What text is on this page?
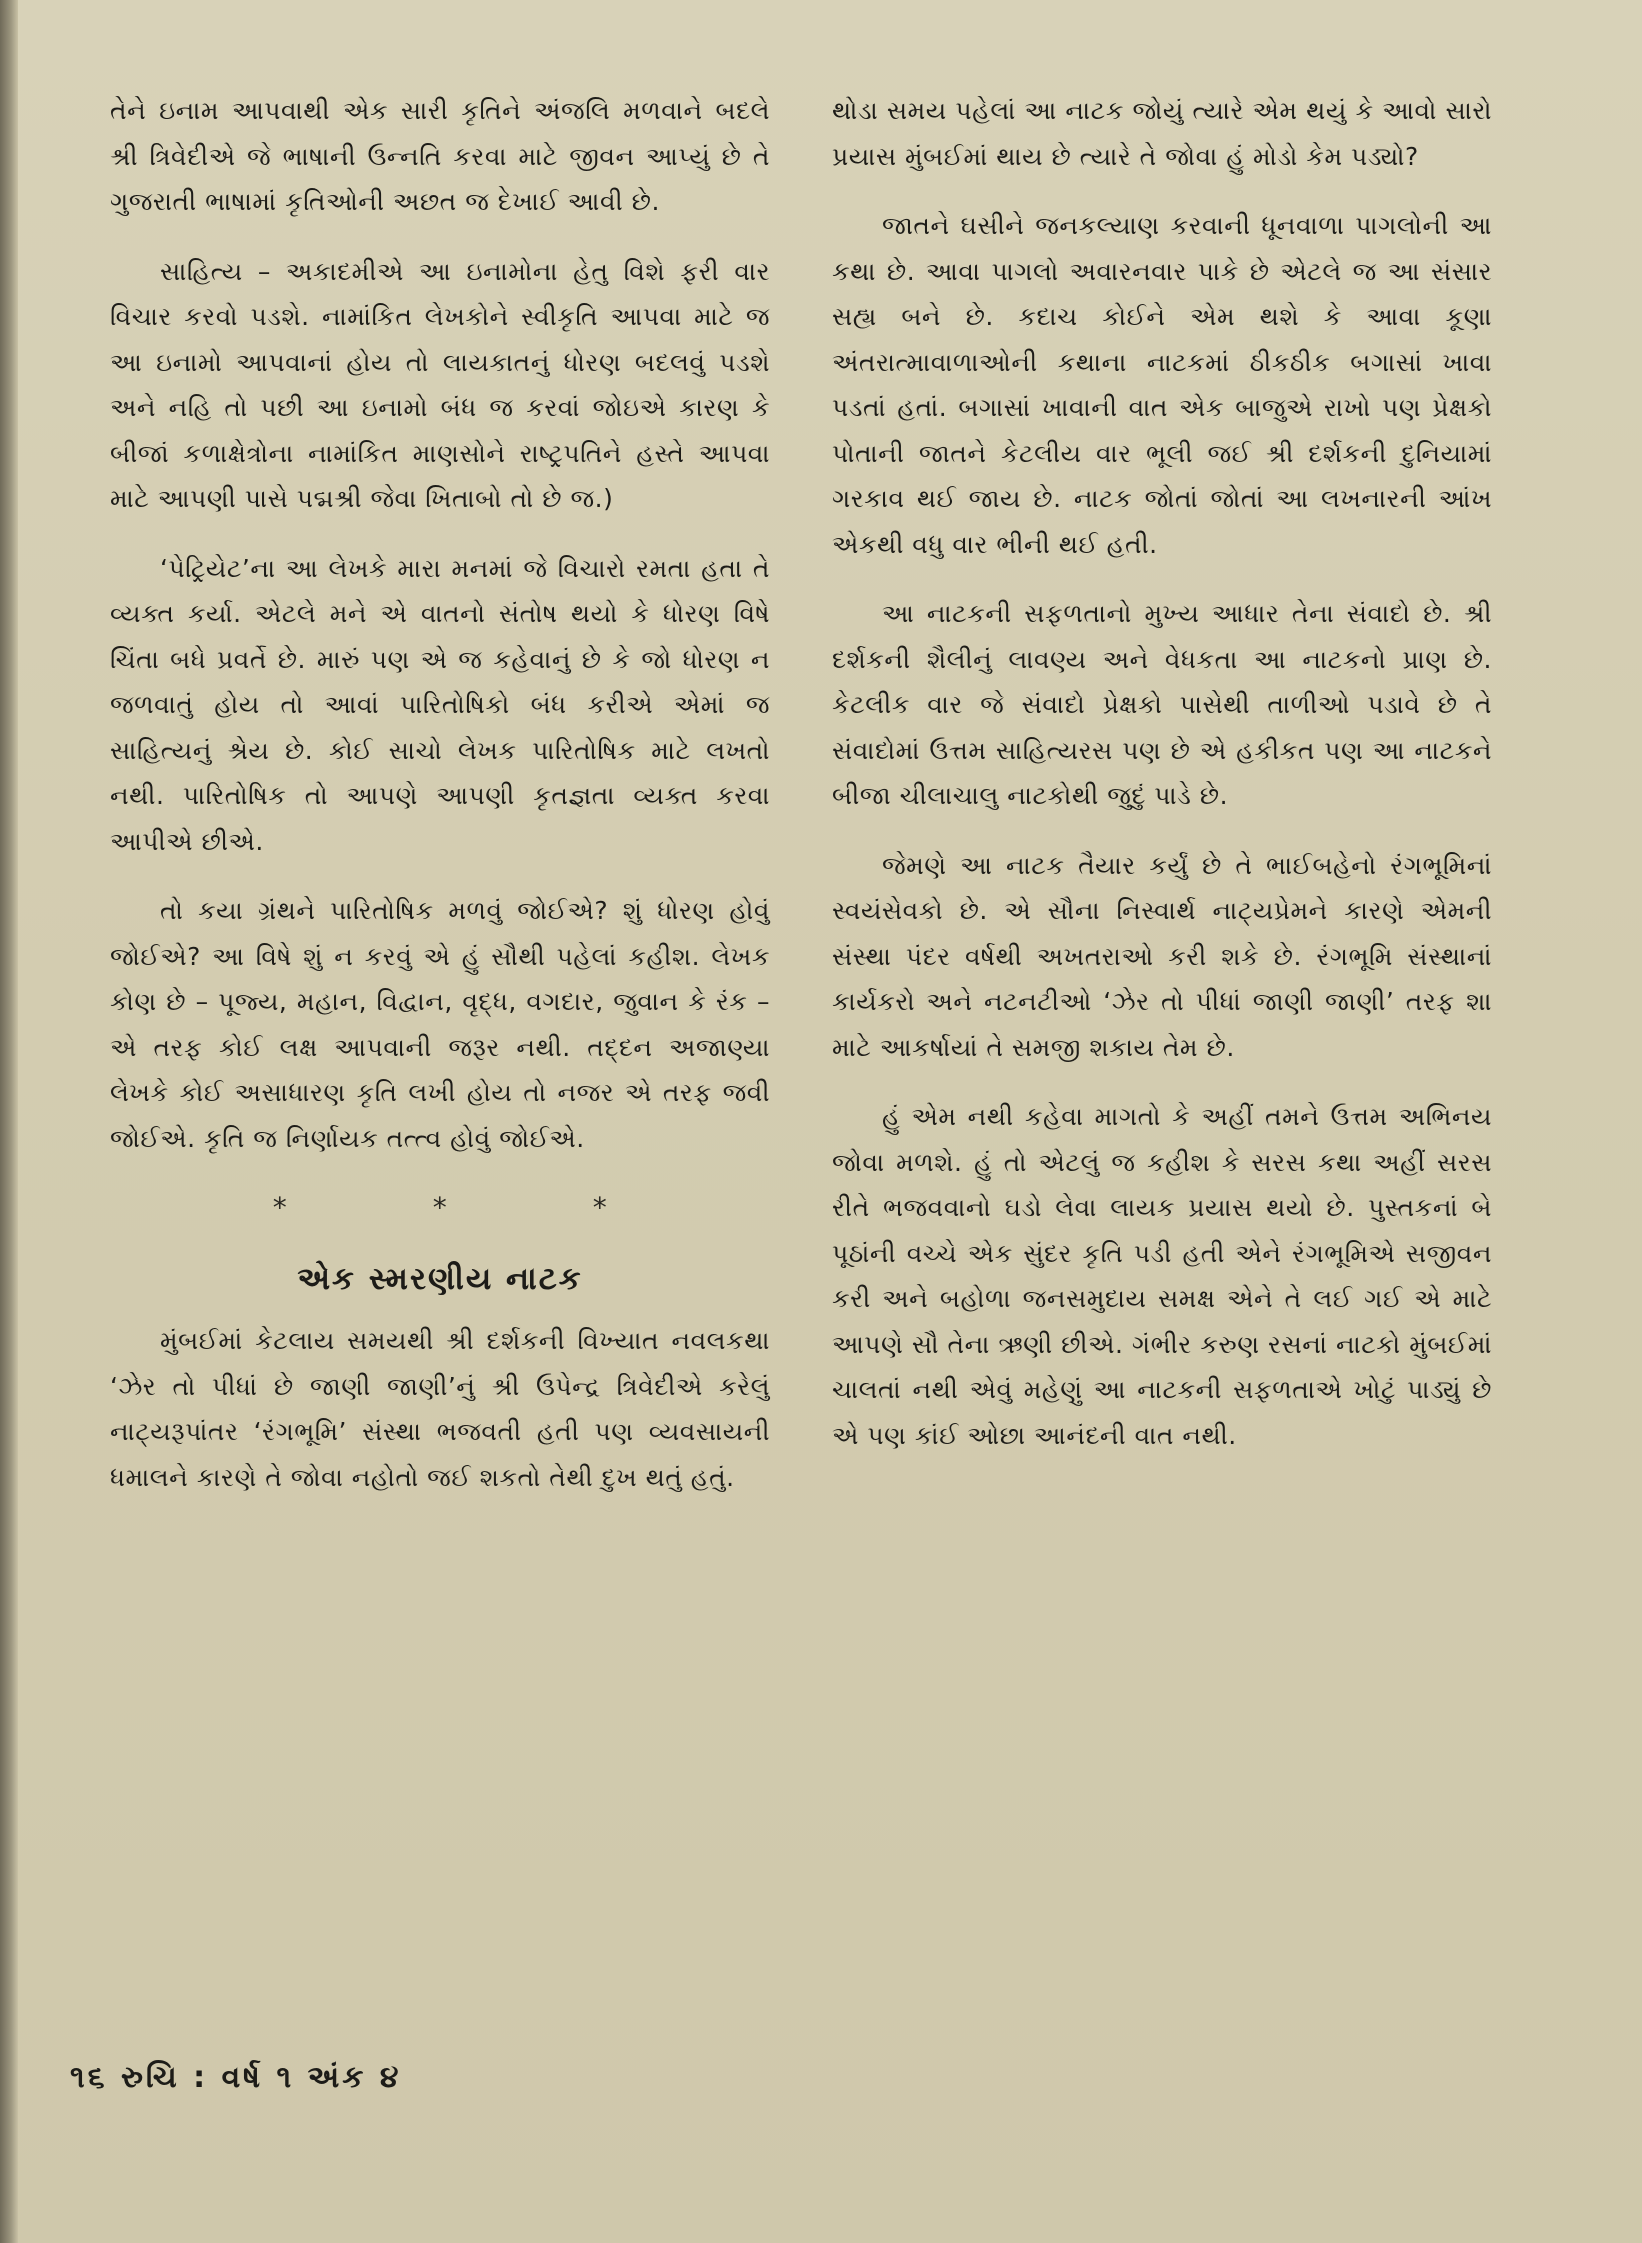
તેને ઇનામ આપવાથી એક સારી કૃતિને અંજલિ મળવાને બદલે શ્રી ત્રિવેદીએ જે ભાષાની ઉન્નતિ કરવા માટે જીવન આપ્યું છે તે ગુજરાતી ભાષામાં કૃતિઓની અછત જ દેખાઈ આવી છે.

સાહિત્ય – અકાદમીએ આ ઇનામોના હેતુ વિશે ફરી વાર વિચાર કરવો પડશે. નામાંકિત લેખકોને સ્વીકૃતિ આપવા માટે જ આ ઇનામો આપવાનાં હોય તો લાયકાતનું ધોરણ બદલવું પડશે અને નહિ તો પછી આ ઇનામો બંધ જ કરવાં જોઇએ કારણ કે બીજાં કળાક્ષેત્રોના નામાંકિત માણસોને રાષ્ટ્રપતિને હસ્તે આપવા માટે આપણી પાસે પદ્મશ્રી જેવા ખિતાબો તો છે જ.)

‘પેટ્રિયેટ’ના આ લેખકે મારા મનમાં જે વિચારો રમતા હતા તે વ્યક્ત કર્યા. એટલે મને એ વાતનો સંતોષ થયો કે ધોરણ વિષે ચિંતા બધે પ્રવર્તે છે. મારું પણ એ જ કહેવાનું છે કે જો ધોરણ ન જળવાતું હોય તો આવાં પારિતોષિકો બંધ કરીએ એમાં જ સાહિત્યનું શ્રેય છે. કોઈ સાચો લેખક પારિતોષિક માટે લખતો નથી. પારિતોષિક તો આપણે આપણી કૃતજ્ઞતા વ્યક્ત કરવા આપીએ છીએ.

તો કયા ગ્રંથને પારિતોષિક મળવું જોઈએ? શું ધોરણ હોવું જોઈએ? આ વિષે શું ન કરવું એ હું સૌથી પહેલાં કહીશ. લેખક કોણ છે – પૂજ્ય, મહાન, વિદ્વાન, વૃદ્ધ, વગદાર, જુવાન કે રંક – એ તરફ કોઈ લક્ષ આપવાની જરૂર નથી. તદ્દન અજાણ્યા લેખકે કોઈ અસાધારણ કૃતિ લખી હોય તો નજર એ તરફ જવી જોઈએ. કૃતિ જ નિર્ણાયક તત્ત્વ હોવું જોઈએ.

*	*	*
એક સ્મરણીય નાટક

મુંબઈમાં કેટલાય સમયથી શ્રી દર્શકની વિખ્યાત નવલકથા ‘ઝેર તો પીધાં છે જાણી જાણી’નું શ્રી ઉપેન્દ્ર ત્રિવેદીએ કરેલું નાટ્યરૂપાંતર ‘રંગભૂમિ’ સંસ્થા ભજવતી હતી પણ વ્યવસાયની ધમાલને કારણે તે જોવા નહોતો જઈ શકતો તેથી દુખ થતું હતું.

થોડા સમય પહેલાં આ નાટક જોયું ત્યારે એમ થયું કે આવો સારો પ્રયાસ મુંબઈમાં થાય છે ત્યારે તે જોવા હું મોડો કેમ પડ્યો?

જાતને ઘસીને જનકલ્યાણ કરવાની ધૂનવાળા પાગલોની આ કથા છે. આવા પાગલો અવારનવાર પાકે છે એટલે જ આ સંસાર સહ્ય બને છે. કદાચ કોઈને એમ થશે કે આવા કૂણા અંતરાત્માવાળાઓની કથાના નાટકમાં ઠીકઠીક બગાસાં ખાવા પડતાં હતાં. બગાસાં ખાવાની વાત એક બાજુએ રાખો પણ પ્રેક્ષકો પોતાની જાતને કેટલીય વાર ભૂલી જઈ શ્રી દર્શકની દુનિયામાં ગરકાવ થઈ જાય છે. નાટક જોતાં જોતાં આ લખનારની આંખ એકથી વધુ વાર ભીની થઈ હતી.

આ નાટકની સફળતાનો મુખ્ય આધાર તેના સંવાદો છે. શ્રી દર્શકની શૈલીનું લાવણ્ય અને વેધકતા આ નાટકનો પ્રાણ છે. કેટલીક વાર જે સંવાદો પ્રેક્ષકો પાસેથી તાળીઓ પડાવે છે તે સંવાદોમાં ઉત્તમ સાહિત્યરસ પણ છે એ હકીકત પણ આ નાટકને બીજા ચીલાચાલુ નાટકોથી જુદું પાડે છે.

જેમણે આ નાટક તૈયાર કર્યું છે તે ભાઈબહેનો રંગભૂમિનાં સ્વયંસેવકો છે. એ સૌના નિસ્વાર્થ નાટ્યપ્રેમને કારણે એમની સંસ્થા પંદર વર્ષથી અખતરાઓ કરી શકે છે. રંગભૂમિ સંસ્થાનાં કાર્યકરો અને નટનટીઓ ‘ઝેર તો પીધાં જાણી જાણી’ તરફ શા માટે આકર્ષાયાં તે સમજી શકાય તેમ છે.

હું એમ નથી કહેવા માગતો કે અહીં તમને ઉત્તમ અભિનય જોવા મળશે. હું તો એટલું જ કહીશ કે સરસ કથા અહીં સરસ રીતે ભજવવાનો ઘડો લેવા લાયક પ્રયાસ થયો છે. પુસ્તકનાં બે પૂઠાંની વચ્ચે એક સુંદર કૃતિ પડી હતી એને રંગભૂમિએ સજીવન કરી અને બહોળા જનસમુદાય સમક્ષ એને તે લઈ ગઈ એ માટે આપણે સૌ તેના ઋણી છીએ. ગંભીર કરુણ રસનાં નાટકો મુંબઈમાં ચાલતાં નથી એવું મહેણું આ નાટકની સફળતાએ ખોટું પાડ્યું છે એ પણ કાંઈ ઓછા આનંદની વાત નથી.

૧૬ રુચિ : વર્ષ ૧ અંક ૪
